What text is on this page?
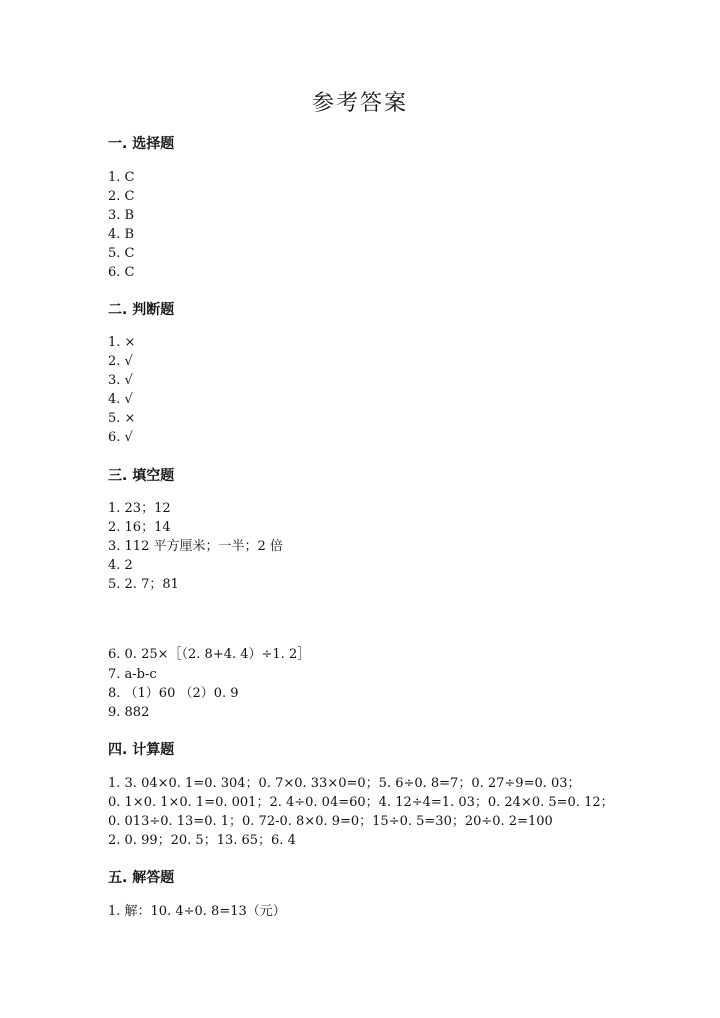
参考答案
一. 选择题

1. C

2. C

3. B

4. B

5. C

6. C

二. 判断题

1. ×

2. √

3. √

4. √

5. ×

6. √

三. 填空题

1. 23；12

2. 16；14

3. 112 平方厘米；一半；2 倍

4. 2

5. 2. 7；81

6. 0. 25×［（2. 8+4. 4）÷1. 2］

7. a-b-c

8. （1）60 （2）0. 9

9. 882

四. 计算题

1. 3. 04×0. 1=0. 304；0. 7×0. 33×0=0；5. 6÷0. 8=7；0. 27÷9=0. 03；

0. 1×0. 1×0. 1=0. 001；2. 4÷0. 04=60；4. 12÷4=1. 03；0. 24×0. 5=0. 12；

0. 013÷0. 13=0. 1；0. 72-0. 8×0. 9=0；15÷0. 5=30；20÷0. 2=100

2. 0. 99；20. 5；13. 65；6. 4

五. 解答题

1. 解：10. 4÷0. 8=13（元）
